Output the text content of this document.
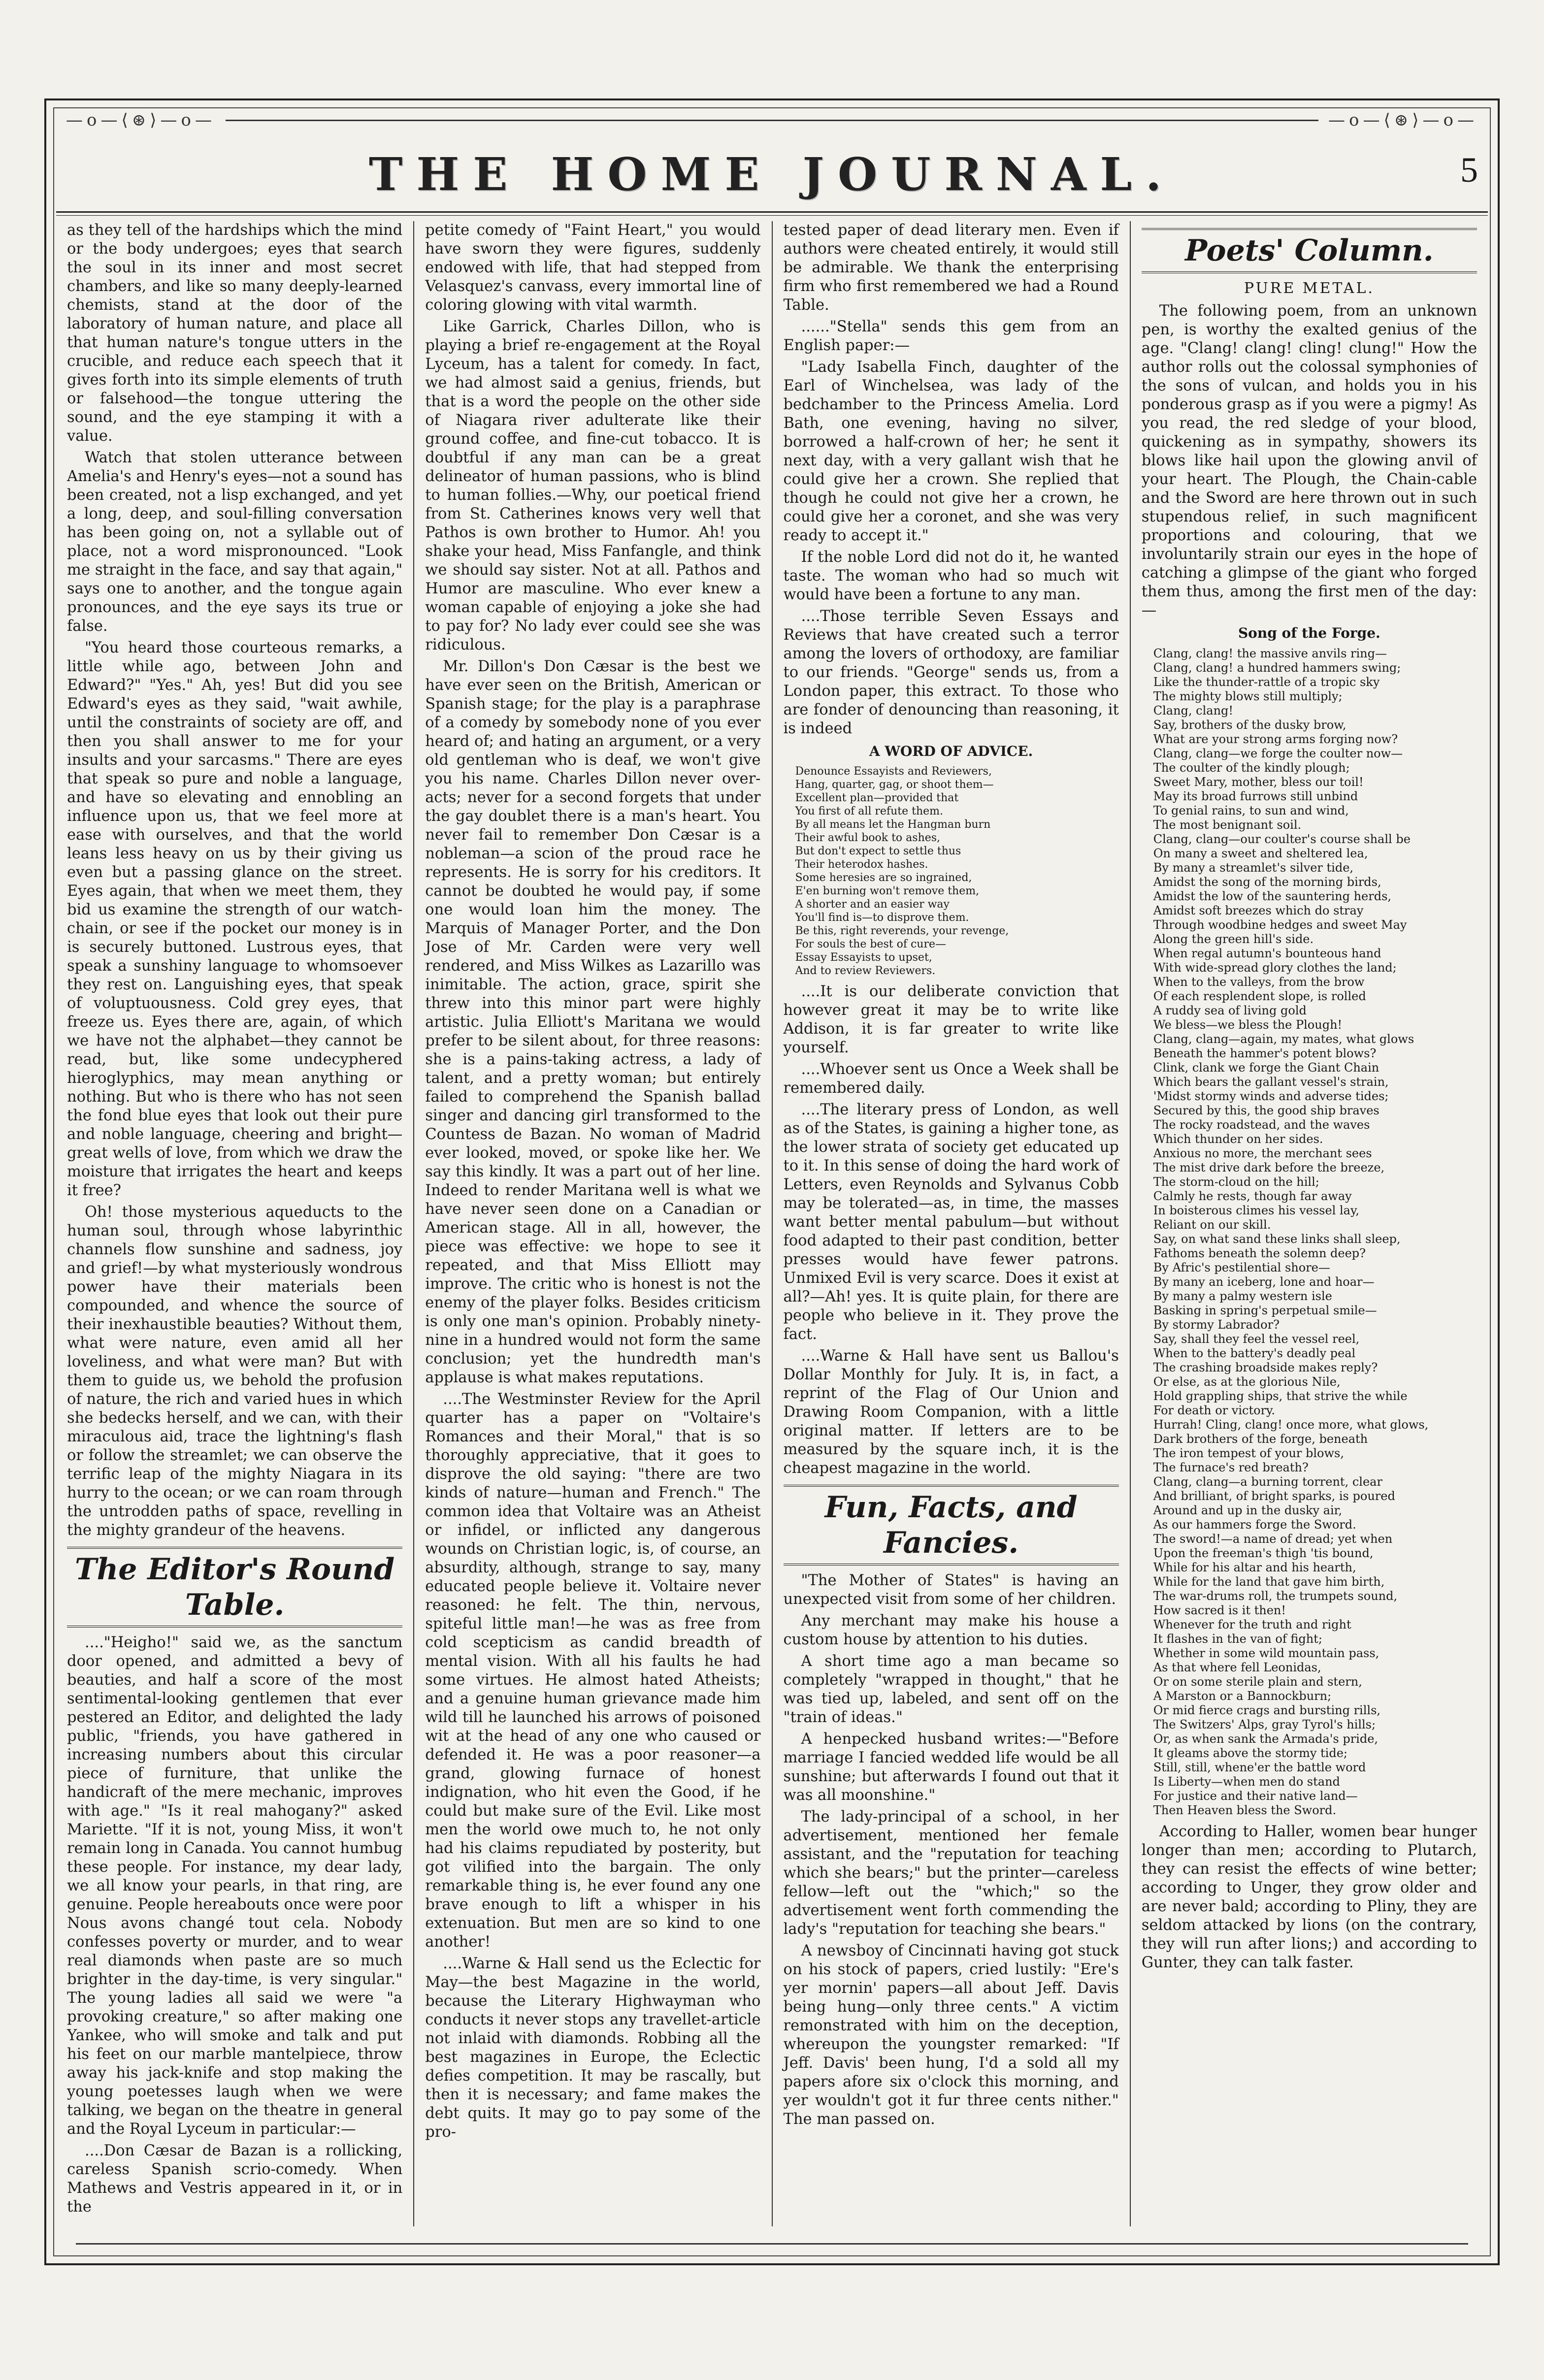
—o—⟨⊛⟩—o—	—o—⟨⊛⟩—o—
THE HOME JOURNAL.	5

as they tell of the hardships which the mind or the body undergoes; eyes that search the soul in its inner and most secret chambers, and like so many deeply-learned chemists, stand at the door of the laboratory of human nature, and place all that human nature's tongue utters in the crucible, and reduce each speech that it gives forth into its simple elements of truth or falsehood—the tongue uttering the sound, and the eye stamping it with a value.

Watch that stolen utterance between Amelia's and Henry's eyes—not a sound has been created, not a lisp exchanged, and yet a long, deep, and soul-filling conversation has been going on, not a syllable out of place, not a word mispronounced. "Look me straight in the face, and say that again," says one to another, and the tongue again pronounces, and the eye says its true or false.

"You heard those courteous remarks, a little while ago, between John and Edward?" "Yes." Ah, yes! But did you see Edward's eyes as they said, "wait awhile, until the constraints of society are off, and then you shall answer to me for your insults and your sarcasms." There are eyes that speak so pure and noble a language, and have so elevating and ennobling an influence upon us, that we feel more at ease with ourselves, and that the world leans less heavy on us by their giving us even but a passing glance on the street. Eyes again, that when we meet them, they bid us examine the strength of our watch-chain, or see if the pocket our money is in is securely buttoned. Lustrous eyes, that speak a sunshiny language to whomsoever they rest on. Languishing eyes, that speak of voluptuousness. Cold grey eyes, that freeze us. Eyes there are, again, of which we have not the alphabet—they cannot be read, but, like some undecyphered hieroglyphics, may mean anything or nothing. But who is there who has not seen the fond blue eyes that look out their pure and noble language, cheering and bright—great wells of love, from which we draw the moisture that irrigates the heart and keeps it free?

Oh! those mysterious aqueducts to the human soul, through whose labyrinthic channels flow sunshine and sadness, joy and grief!—by what mysteriously wondrous power have their materials been compounded, and whence the source of their inexhaustible beauties? Without them, what were nature, even amid all her loveliness, and what were man? But with them to guide us, we behold the profusion of nature, the rich and varied hues in which she bedecks herself, and we can, with their miraculous aid, trace the lightning's flash or follow the streamlet; we can observe the terrific leap of the mighty Niagara in its hurry to the ocean; or we can roam through the untrodden paths of space, revelling in the mighty grandeur of the heavens.

The Editor's Round Table.

...."Heigho!" said we, as the sanctum door opened, and admitted a bevy of beauties, and half a score of the most sentimental-looking gentlemen that ever pestered an Editor, and delighted the lady public, "friends, you have gathered in increasing numbers about this circular piece of furniture, that unlike the handicraft of the mere mechanic, improves with age." "Is it real mahogany?" asked Mariette. "If it is not, young Miss, it won't remain long in Canada. You cannot humbug these people. For instance, my dear lady, we all know your pearls, in that ring, are genuine. People hereabouts once were poor Nous avons changé tout cela. Nobody confesses poverty or murder, and to wear real diamonds when paste are so much brighter in the day-time, is very singular." The young ladies all said we were "a provoking creature," so after making one Yankee, who will smoke and talk and put his feet on our marble mantelpiece, throw away his jack-knife and stop making the young poetesses laugh when we were talking, we began on the theatre in general and the Royal Lyceum in particular:—

....Don Cæsar de Bazan is a rollicking, careless Spanish scrio-comedy. When Mathews and Vestris appeared in it, or in the

petite comedy of "Faint Heart," you would have sworn they were figures, suddenly endowed with life, that had stepped from Velasquez's canvass, every immortal line of coloring glowing with vital warmth.

Like Garrick, Charles Dillon, who is playing a brief re-engagement at the Royal Lyceum, has a talent for comedy. In fact, we had almost said a genius, friends, but that is a word the people on the other side of Niagara river adulterate like their ground coffee, and fine-cut tobacco. It is doubtful if any man can be a great delineator of human passions, who is blind to human follies.—Why, our poetical friend from St. Catherines knows very well that Pathos is own brother to Humor. Ah! you shake your head, Miss Fanfangle, and think we should say sister. Not at all. Pathos and Humor are masculine. Who ever knew a woman capable of enjoying a joke she had to pay for? No lady ever could see she was ridiculous.

Mr. Dillon's Don Cæsar is the best we have ever seen on the British, American or Spanish stage; for the play is a paraphrase of a comedy by somebody none of you ever heard of; and hating an argument, or a very old gentleman who is deaf, we won't give you his name. Charles Dillon never over-acts; never for a second forgets that under the gay doublet there is a man's heart. You never fail to remember Don Cæsar is a nobleman—a scion of the proud race he represents. He is sorry for his creditors. It cannot be doubted he would pay, if some one would loan him the money. The Marquis of Manager Porter, and the Don Jose of Mr. Carden were very well rendered, and Miss Wilkes as Lazarillo was inimitable. The action, grace, spirit she threw into this minor part were highly artistic. Julia Elliott's Maritana we would prefer to be silent about, for three reasons: she is a pains-taking actress, a lady of talent, and a pretty woman; but entirely failed to comprehend the Spanish ballad singer and dancing girl transformed to the Countess de Bazan. No woman of Madrid ever looked, moved, or spoke like her. We say this kindly. It was a part out of her line. Indeed to render Maritana well is what we have never seen done on a Canadian or American stage. All in all, however, the piece was effective: we hope to see it repeated, and that Miss Elliott may improve. The critic who is honest is not the enemy of the player folks. Besides criticism is only one man's opinion. Probably ninety-nine in a hundred would not form the same conclusion; yet the hundredth man's applause is what makes reputations.

....The Westminster Review for the April quarter has a paper on "Voltaire's Romances and their Moral," that is so thoroughly appreciative, that it goes to disprove the old saying: "there are two kinds of nature—human and French." The common idea that Voltaire was an Atheist or infidel, or inflicted any dangerous wounds on Christian logic, is, of course, an absurdity, although, strange to say, many educated people believe it. Voltaire never reasoned: he felt. The thin, nervous, spiteful little man!—he was as free from cold scepticism as candid breadth of mental vision. With all his faults he had some virtues. He almost hated Atheists; and a genuine human grievance made him wild till he launched his arrows of poisoned wit at the head of any one who caused or defended it. He was a poor reasoner—a grand, glowing furnace of honest indignation, who hit even the Good, if he could but make sure of the Evil. Like most men the world owe much to, he not only had his claims repudiated by posterity, but got vilified into the bargain. The only remarkable thing is, he ever found any one brave enough to lift a whisper in his extenuation. But men are so kind to one another!

....Warne & Hall send us the Eclectic for May—the best Magazine in the world, because the Literary Highwayman who conducts it never stops any travellet-article not inlaid with diamonds. Robbing all the best magazines in Europe, the Eclectic defies competition. It may be rascally, but then it is necessary; and fame makes the debt quits. It may go to pay some of the pro-

tested paper of dead literary men. Even if authors were cheated entirely, it would still be admirable. We thank the enterprising firm who first remembered we had a Round Table.

......"Stella" sends this gem from an English paper:—

"Lady Isabella Finch, daughter of the Earl of Winchelsea, was lady of the bedchamber to the Princess Amelia. Lord Bath, one evening, having no silver, borrowed a half-crown of her; he sent it next day, with a very gallant wish that he could give her a crown. She replied that though he could not give her a crown, he could give her a coronet, and she was very ready to accept it."

If the noble Lord did not do it, he wanted taste. The woman who had so much wit would have been a fortune to any man.

....Those terrible Seven Essays and Reviews that have created such a terror among the lovers of orthodoxy, are familiar to our friends. "George" sends us, from a London paper, this extract. To those who are fonder of denouncing than reasoning, it is indeed

A WORD OF ADVICE.
Denounce Essayists and Reviewers,
Hang, quarter, gag, or shoot them—
Excellent plan—provided that
You first of all refute them.
By all means let the Hangman burn
Their awful book to ashes,
But don't expect to settle thus
Their heterodox hashes.
Some heresies are so ingrained,
E'en burning won't remove them,
A shorter and an easier way
You'll find is—to disprove them.
Be this, right reverends, your revenge,
For souls the best of cure—
Essay Essayists to upset,
And to review Reviewers.

....It is our deliberate conviction that however great it may be to write like Addison, it is far greater to write like yourself.

....Whoever sent us Once a Week shall be remembered daily.

....The literary press of London, as well as of the States, is gaining a higher tone, as the lower strata of society get educated up to it. In this sense of doing the hard work of Letters, even Reynolds and Sylvanus Cobb may be tolerated—as, in time, the masses want better mental pabulum—but without food adapted to their past condition, better presses would have fewer patrons. Unmixed Evil is very scarce. Does it exist at all?—Ah! yes. It is quite plain, for there are people who believe in it. They prove the fact.

....Warne & Hall have sent us Ballou's Dollar Monthly for July. It is, in fact, a reprint of the Flag of Our Union and Drawing Room Companion, with a little original matter. If letters are to be measured by the square inch, it is the cheapest magazine in the world.

Fun, Facts, and Fancies.

"The Mother of States" is having an unexpected visit from some of her children.

Any merchant may make his house a custom house by attention to his duties.

A short time ago a man became so completely "wrapped in thought," that he was tied up, labeled, and sent off on the "train of ideas."

A henpecked husband writes:—"Before marriage I fancied wedded life would be all sunshine; but afterwards I found out that it was all moonshine."

The lady-principal of a school, in her advertisement, mentioned her female assistant, and the "reputation for teaching which she bears;" but the printer—careless fellow—left out the "which;" so the advertisement went forth commending the lady's "reputation for teaching she bears."

A newsboy of Cincinnati having got stuck on his stock of papers, cried lustily: "Ere's yer mornin' papers—all about Jeff. Davis being hung—only three cents." A victim remonstrated with him on the deception, whereupon the youngster remarked: "If Jeff. Davis' been hung, I'd a sold all my papers afore six o'clock this morning, and yer wouldn't got it fur three cents nither." The man passed on.

Poets' Column.
PURE METAL.

The following poem, from an unknown pen, is worthy the exalted genius of the age. "Clang! clang! cling! clung!" How the author rolls out the colossal symphonies of the sons of vulcan, and holds you in his ponderous grasp as if you were a pigmy! As you read, the red sledge of your blood, quickening as in sympathy, showers its blows like hail upon the glowing anvil of your heart. The Plough, the Chain-cable and the Sword are here thrown out in such stupendous relief, in such magnificent proportions and colouring, that we involuntarily strain our eyes in the hope of catching a glimpse of the giant who forged them thus, among the first men of the day:—

Song of the Forge.
Clang, clang! the massive anvils ring—
Clang, clang! a hundred hammers swing;
Like the thunder-rattle of a tropic sky
The mighty blows still multiply;
Clang, clang!
Say, brothers of the dusky brow,
What are your strong arms forging now?
Clang, clang—we forge the coulter now—
The coulter of the kindly plough;
Sweet Mary, mother, bless our toil!
May its broad furrows still unbind
To genial rains, to sun and wind,
The most benignant soil.
Clang, clang—our coulter's course shall be
On many a sweet and sheltered lea,
By many a streamlet's silver tide,
Amidst the song of the morning birds,
Amidst the low of the sauntering herds,
Amidst soft breezes which do stray
Through woodbine hedges and sweet May
Along the green hill's side.
When regal autumn's bounteous hand
With wide-spread glory clothes the land;
When to the valleys, from the brow
Of each resplendent slope, is rolled
A ruddy sea of living gold
We bless—we bless the Plough!
Clang, clang—again, my mates, what glows
Beneath the hammer's potent blows?
Clink, clank we forge the Giant Chain
Which bears the gallant vessel's strain,
'Midst stormy winds and adverse tides;
Secured by this, the good ship braves
The rocky roadstead, and the waves
Which thunder on her sides.
Anxious no more, the merchant sees
The mist drive dark before the breeze,
The storm-cloud on the hill;
Calmly he rests, though far away
In boisterous climes his vessel lay,
Reliant on our skill.
Say, on what sand these links shall sleep,
Fathoms beneath the solemn deep?
By Afric's pestilential shore—
By many an iceberg, lone and hoar—
By many a palmy western isle
Basking in spring's perpetual smile—
By stormy Labrador?
Say, shall they feel the vessel reel,
When to the battery's deadly peal
The crashing broadside makes reply?
Or else, as at the glorious Nile,
Hold grappling ships, that strive the while
For death or victory.
Hurrah! Cling, clang! once more, what glows,
Dark brothers of the forge, beneath
The iron tempest of your blows,
The furnace's red breath?
Clang, clang—a burning torrent, clear
And brilliant, of bright sparks, is poured
Around and up in the dusky air,
As our hammers forge the Sword.
The sword!—a name of dread; yet when
Upon the freeman's thigh 'tis bound,
While for his altar and his hearth,
While for the land that gave him birth,
The war-drums roll, the trumpets sound,
How sacred is it then!
Whenever for the truth and right
It flashes in the van of fight;
Whether in some wild mountain pass,
As that where fell Leonidas,
Or on some sterile plain and stern,
A Marston or a Bannockburn;
Or mid fierce crags and bursting rills,
The Switzers' Alps, gray Tyrol's hills;
Or, as when sank the Armada's pride,
It gleams above the stormy tide;
Still, still, whene'er the battle word
Is Liberty—when men do stand
For justice and their native land—
Then Heaven bless the Sword.

According to Haller, women bear hunger longer than men; according to Plutarch, they can resist the effects of wine better; according to Unger, they grow older and are never bald; according to Pliny, they are seldom attacked by lions (on the contrary, they will run after lions;) and according to Gunter, they can talk faster.
